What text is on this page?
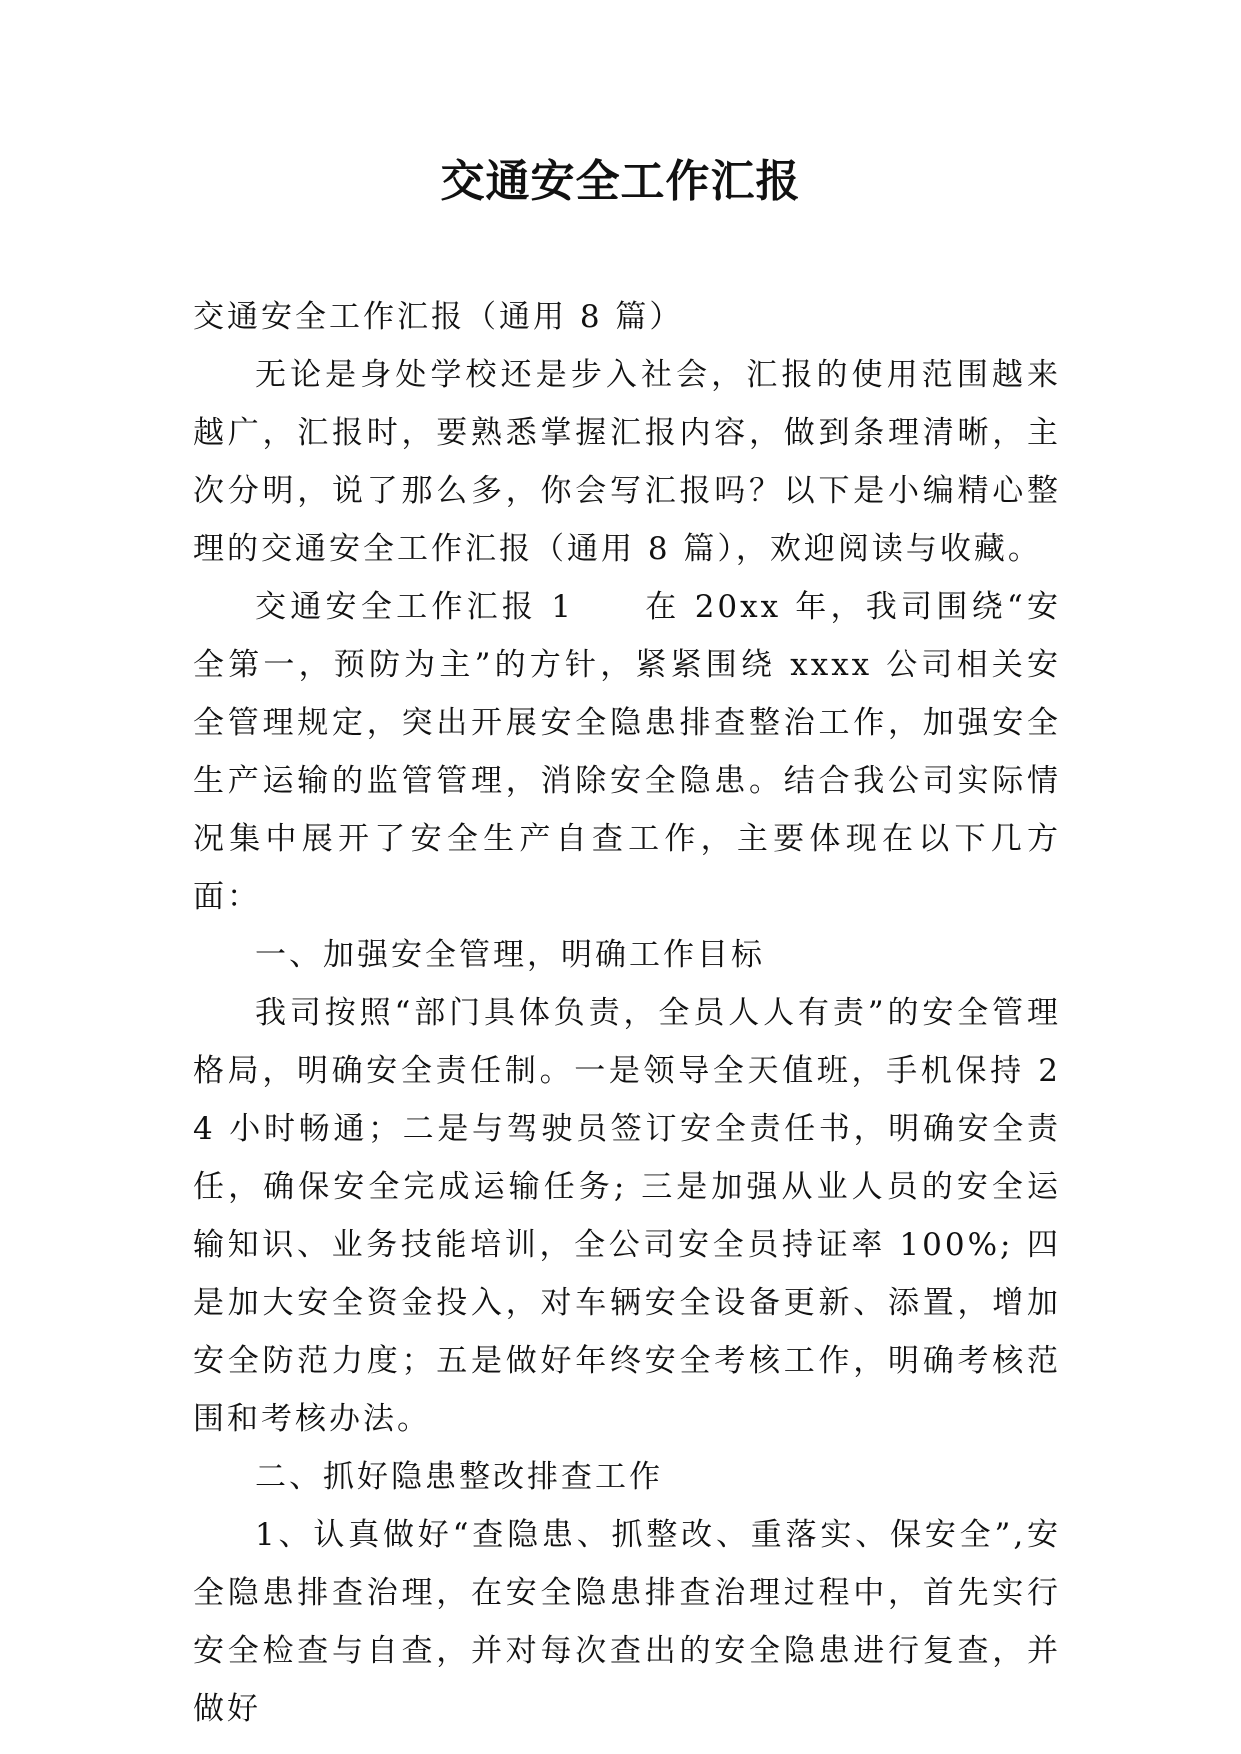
交通安全工作汇报

交通安全工作汇报（通用 8 篇）

无论是身处学校还是步入社会，汇报的使用范围越来越广，汇报时，要熟悉掌握汇报内容，做到条理清晰，主次分明，说了那么多，你会写汇报吗？以下是小编精心整理的交通安全工作汇报（通用 8 篇），欢迎阅读与收藏。

交通安全工作汇报 1 在 20xx 年，我司围绕“安全第一，预防为主”的方针，紧紧围绕 xxxx 公司相关安全管理规定，突出开展安全隐患排查整治工作，加强安全生产运输的监管管理，消除安全隐患。结合我公司实际情况集中展开了安全生产自查工作，主要体现在以下几方面：

一、加强安全管理，明确工作目标

我司按照“部门具体负责，全员人人有责”的安全管理格局，明确安全责任制。一是领导全天值班，手机保持 24 小时畅通；二是与驾驶员签订安全责任书，明确安全责任，确保安全完成运输任务; 三是加强从业人员的安全运输知识、业务技能培训，全公司安全员持证率 100%; 四是加大安全资金投入，对车辆安全设备更新、添置，增加安全防范力度；五是做好年终安全考核工作，明确考核范围和考核办法。

二、抓好隐患整改排查工作

1、认真做好“查隐患、抓整改、重落实、保安全”,安全隐患排查治理，在安全隐患排查治理过程中，首先实行安全检查与自查，并对每次查出的安全隐患进行复查，并做好
